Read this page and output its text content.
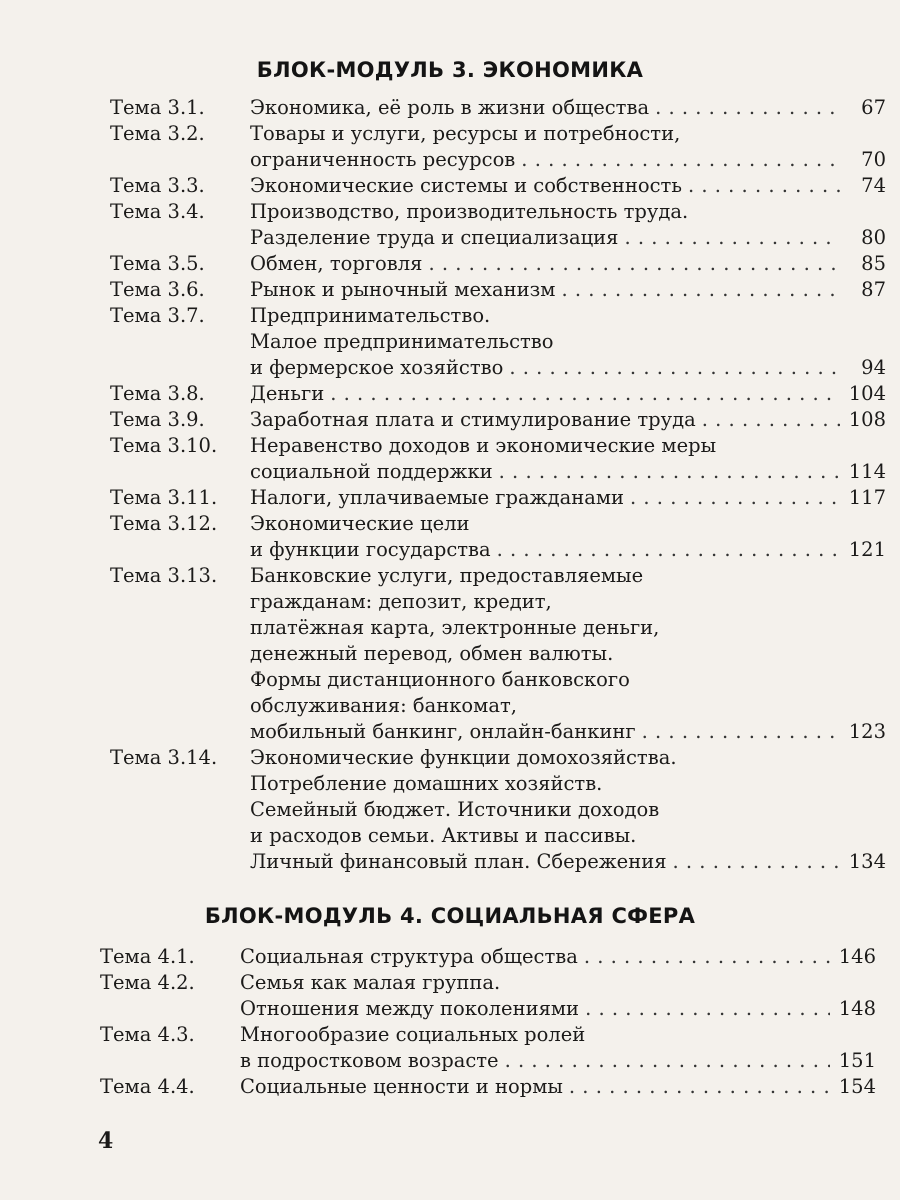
БЛОК-МОДУЛЬ 3. ЭКОНОМИКА
Тема 3.1. Экономика, её роль в жизни общества . . .	67
Тема 3.2. Товары и услуги, ресурсы и потребности,
ограниченность ресурсов . . .	70
Тема 3.3. Экономические системы и собственность . . .	74
Тема 3.4. Производство, производительность труда.
Разделение труда и специализация . . .	80
Тема 3.5. Обмен, торговля . . .	85
Тема 3.6. Рынок и рыночный механизм . . .	87
Тема 3.7. Предпринимательство.
Малое предпринимательство
и фермерское хозяйство . . .	94
Тема 3.8. Деньги . . .	104
Тема 3.9. Заработная плата и стимулирование труда . . .	108
Тема 3.10. Неравенство доходов и экономические меры
социальной поддержки . . .	114
Тема 3.11. Налоги, уплачиваемые гражданами . . .	117
Тема 3.12. Экономические цели
и функции государства . . .	121
Тема 3.13. Банковские услуги, предоставляемые
гражданам: депозит, кредит,
платёжная карта, электронные деньги,
денежный перевод, обмен валюты.
Формы дистанционного банковского
обслуживания: банкомат,
мобильный банкинг, онлайн-банкинг . . .	123
Тема 3.14. Экономические функции домохозяйства.
Потребление домашних хозяйств.
Семейный бюджет. Источники доходов
и расходов семьи. Активы и пассивы.
Личный финансовый план. Сбережения . . .	134
БЛОК-МОДУЛЬ 4. СОЦИАЛЬНАЯ СФЕРА
Тема 4.1. Социальная структура общества . . .	146
Тема 4.2. Семья как малая группа.
Отношения между поколениями . . .	148
Тема 4.3. Многообразие социальных ролей
в подростковом возрасте . . .	151
Тема 4.4. Социальные ценности и нормы . . .	154
4
